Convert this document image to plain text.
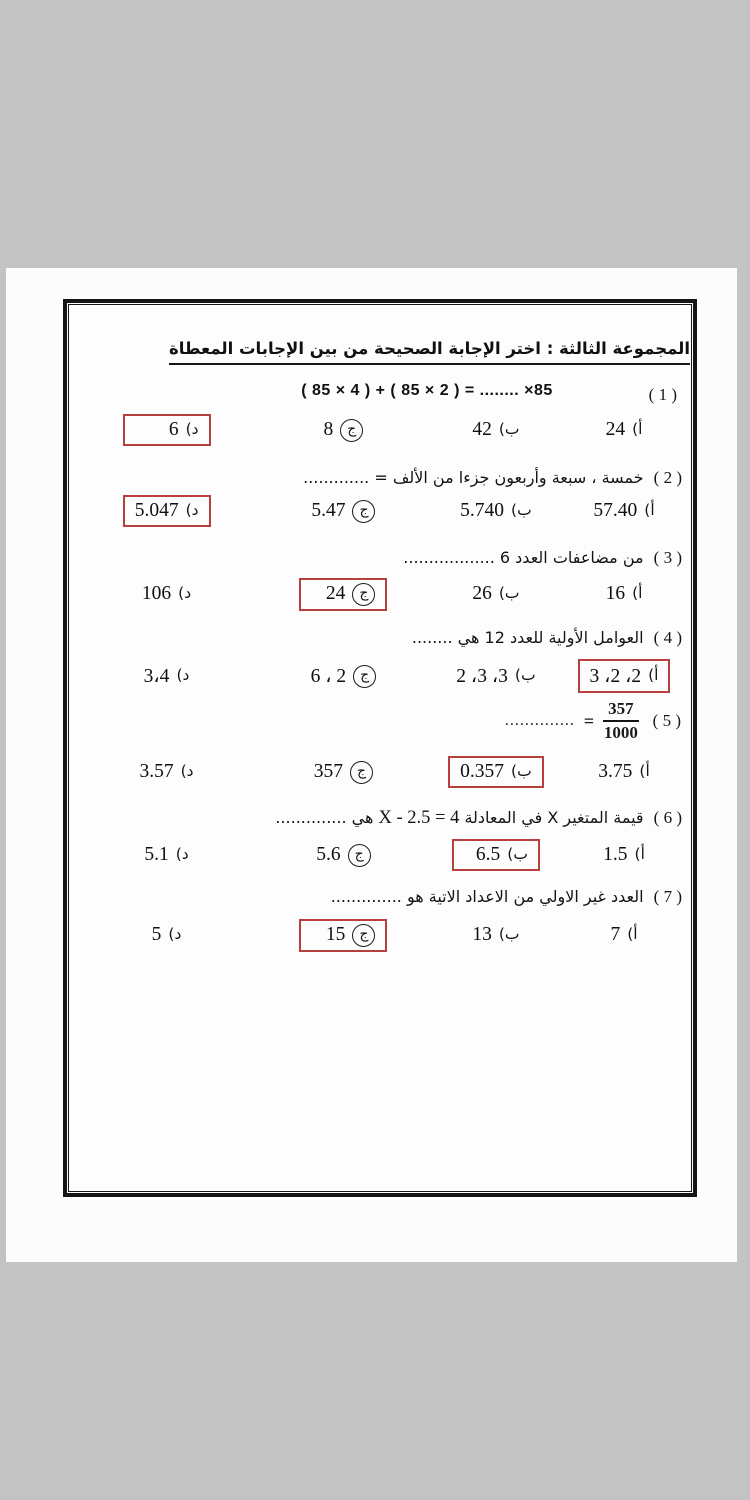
المجموعة الثالثة : اختر الإجابة الصحيحة من بين الإجابات المعطاة
( 1 )
( 85 × 4 ) + ( 85 × 2 ) = ........ ×85
أ)
24
ب)
42
ج
8
د)
6
( 2 ) خمسة ، سبعة وأربعون جزءا من الألف = .............
أ)
57.40
ب)
5.740
ج
5.47
د)
5.047
( 3 ) من مضاعفات العدد 6 ..................
أ)
16
ب)
26
ج
24
د)
106
( 4 ) العوامل الأولية للعدد 12 هي ........
أ)
3 ،2 ،2
ب)
2 ،3 ،3
ج
6 ، 2
د)
3،4
( 5 )
$\frac{357}{1000}$
=
..............
أ)
3.75
ب)
0.357
ج
357
د)
3.57
( 6 ) قيمة المتغير X في المعادلة X - 2.5 = 4 هي ..............
أ)
1.5
ب)
6.5
ج
5.6
د)
5.1
( 7 ) العدد غير الاولي من الاعداد الاتية هو ..............
أ)
7
ب)
13
ج
15
د)
5
